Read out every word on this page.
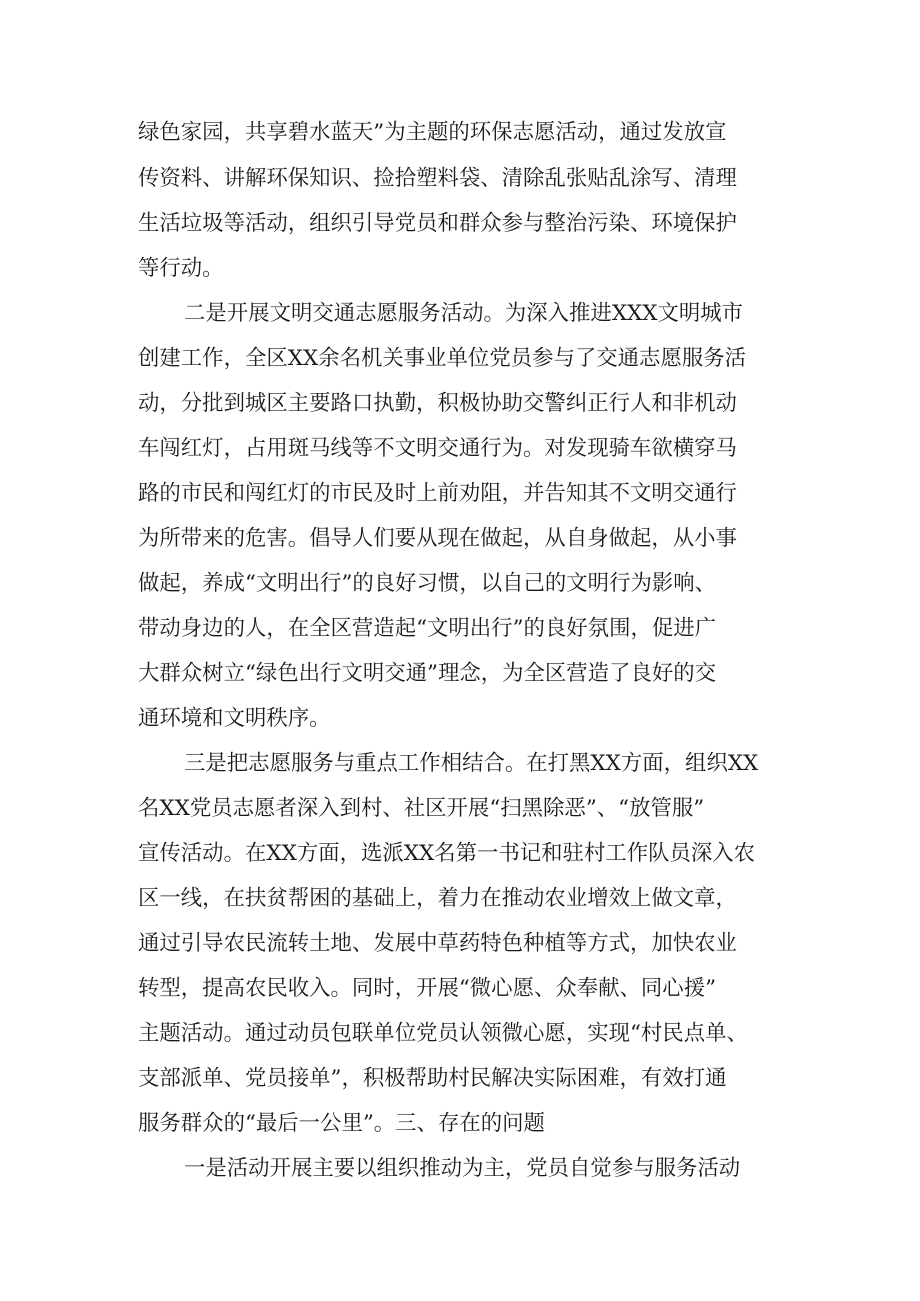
绿色家园，共享碧水蓝天”为主题的环保志愿活动，通过发放宣
传资料、讲解环保知识、捡拾塑料袋、清除乱张贴乱涂写、清理
生活垃圾等活动，组织引导党员和群众参与整治污染、环境保护
等行动。
二是开展文明交通志愿服务活动。为深入推进XXX文明城市
创建工作，全区XX余名机关事业单位党员参与了交通志愿服务活
动，分批到城区主要路口执勤，积极协助交警纠正行人和非机动
车闯红灯，占用斑马线等不文明交通行为。对发现骑车欲横穿马
路的市民和闯红灯的市民及时上前劝阻，并告知其不文明交通行
为所带来的危害。倡导人们要从现在做起，从自身做起，从小事
做起，养成“文明出行”的良好习惯，以自己的文明行为影响、
带动身边的人，在全区营造起“文明出行”的良好氛围，促进广
大群众树立“绿色出行文明交通”理念，为全区营造了良好的交
通环境和文明秩序。
三是把志愿服务与重点工作相结合。在打黑XX方面，组织XX
名XX党员志愿者深入到村、社区开展“扫黑除恶”、“放管服”
宣传活动。在XX方面，选派XX名第一书记和驻村工作队员深入农
区一线，在扶贫帮困的基础上，着力在推动农业增效上做文章，
通过引导农民流转土地、发展中草药特色种植等方式，加快农业
转型，提高农民收入。同时，开展“微心愿、众奉献、同心援”
主题活动。通过动员包联单位党员认领微心愿，实现“村民点单、
支部派单、党员接单”，积极帮助村民解决实际困难，有效打通
服务群众的“最后一公里”。三、存在的问题
一是活动开展主要以组织推动为主，党员自觉参与服务活动
